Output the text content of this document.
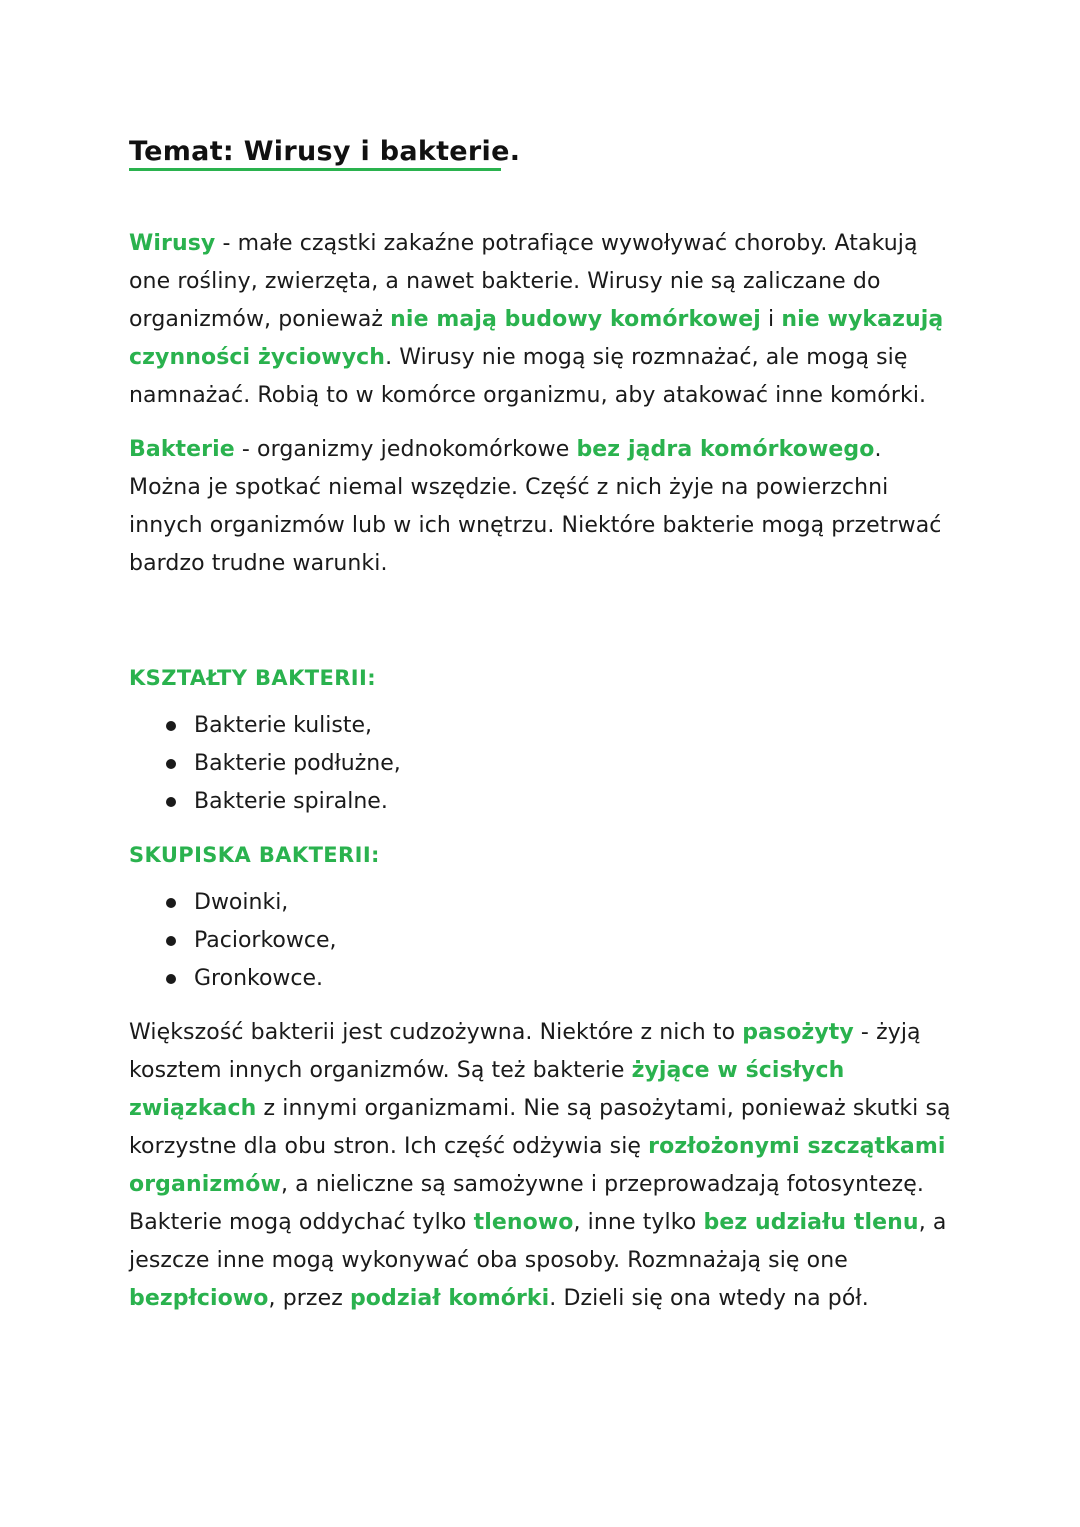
Temat: Wirusy i bakterie.

Wirusy - małe cząstki zakaźne potrafiące wywoływać choroby. Atakują one rośliny, zwierzęta, a nawet bakterie. Wirusy nie są zaliczane do organizmów, ponieważ nie mają budowy komórkowej i nie wykazują czynności życiowych. Wirusy nie mogą się rozmnażać, ale mogą się namnażać. Robią to w komórce organizmu, aby atakować inne komórki.

Bakterie - organizmy jednokomórkowe bez jądra komórkowego. Można je spotkać niemal wszędzie. Część z nich żyje na powierzchni innych organizmów lub w ich wnętrzu. Niektóre bakterie mogą przetrwać bardzo trudne warunki.

KSZTAŁTY BAKTERII:
Bakterie kuliste,
Bakterie podłużne,
Bakterie spiralne.
SKUPISKA BAKTERII:
Dwoinki,
Paciorkowce,
Gronkowce.

Większość bakterii jest cudzożywna. Niektóre z nich to pasożyty - żyją kosztem innych organizmów. Są też bakterie żyjące w ścisłych związkach z innymi organizmami. Nie są pasożytami, ponieważ skutki są korzystne dla obu stron. Ich część odżywia się rozłożonymi szczątkami organizmów, a nieliczne są samożywne i przeprowadzają fotosyntezę. Bakterie mogą oddychać tylko tlenowo, inne tylko bez udziału tlenu, a jeszcze inne mogą wykonywać oba sposoby. Rozmnażają się one bezpłciowo, przez podział komórki. Dzieli się ona wtedy na pół.
